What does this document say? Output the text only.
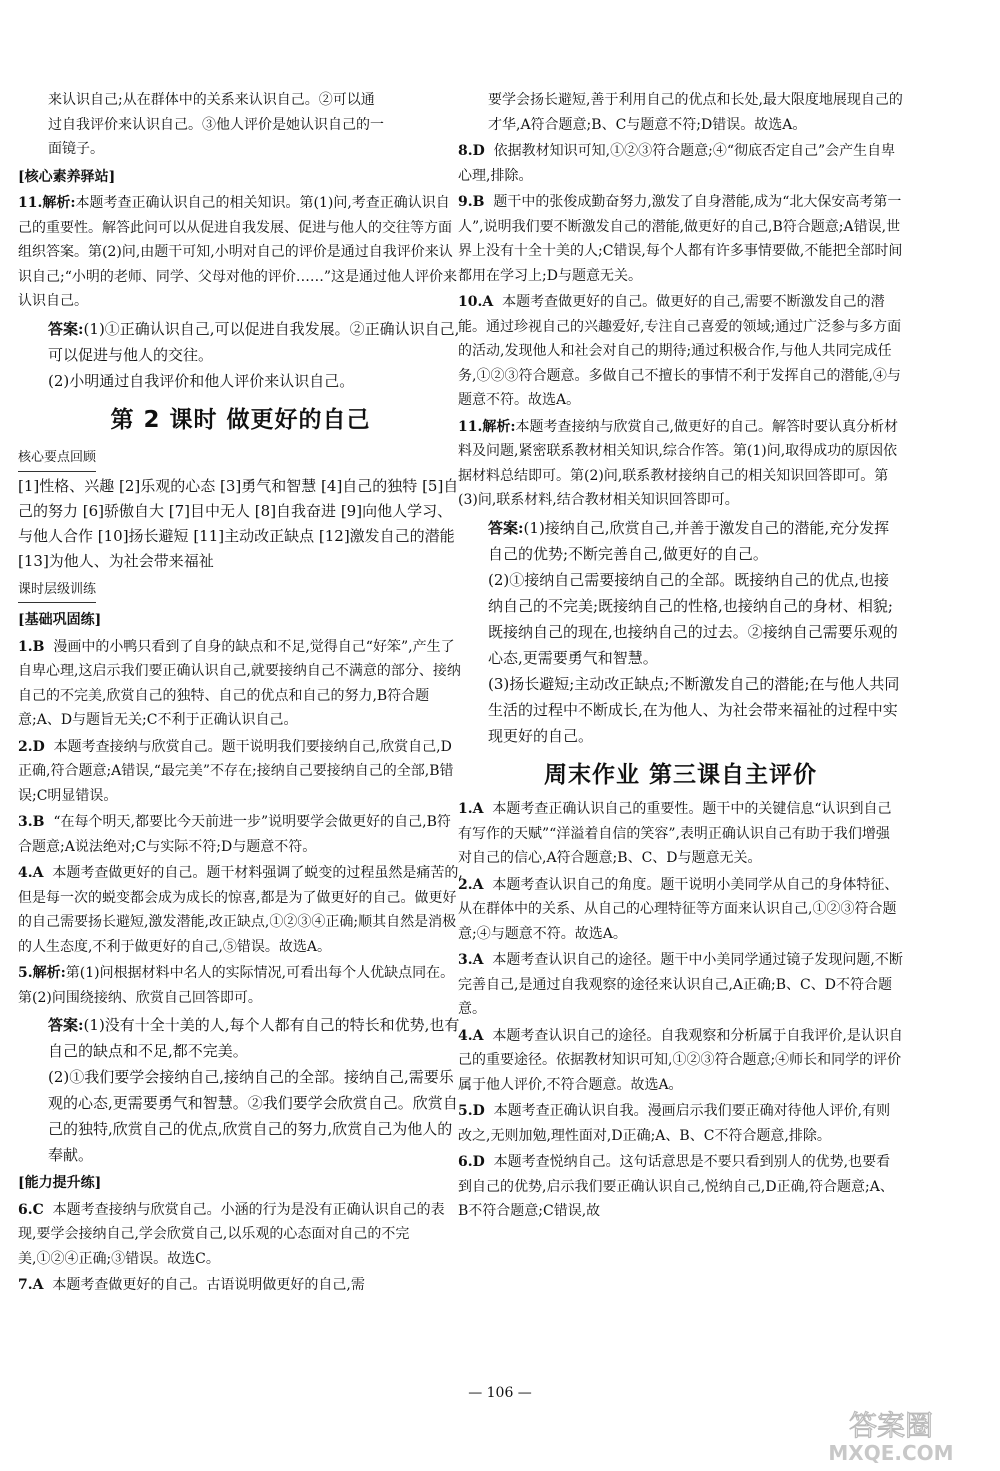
来认识自己;从在群体中的关系来认识自己。②可以通
过自我评价来认识自己。③他人评价是她认识自己的一
面镜子。
[核心素养驿站]
11.解析:本题考查正确认识自己的相关知识。第(1)问,考查正确认识自己的重要性。解答此问可以从促进自我发展、促进与他人的交往等方面组织答案。第(2)问,由题干可知,小明对自己的评价是通过自我评价来认识自己;“小明的老师、同学、父母对他的评价……”这是通过他人评价来认识自己。
答案:(1)①正确认识自己,可以促进自我发展。②正确认识自己,可以促进与他人的交往。
(2)小明通过自我评价和他人评价来认识自己。
第 2 课时 做更好的自己
核心要点回顾
[1]性格、兴趣 [2]乐观的心态 [3]勇气和智慧 [4]自己的独特 [5]自己的努力 [6]骄傲自大 [7]目中无人 [8]自我奋进 [9]向他人学习、与他人合作 [10]扬长避短 [11]主动改正缺点 [12]激发自己的潜能 [13]为他人、为社会带来福祉
课时层级训练
[基础巩固练]
1.B 漫画中的小鸭只看到了自身的缺点和不足,觉得自己“好笨”,产生了自卑心理,这启示我们要正确认识自己,就要接纳自己不满意的部分、接纳自己的不完美,欣赏自己的独特、自己的优点和自己的努力,B符合题意;A、D与题旨无关;C不利于正确认识自己。
2.D 本题考查接纳与欣赏自己。题干说明我们要接纳自己,欣赏自己,D正确,符合题意;A错误,“最完美”不存在;接纳自己要接纳自己的全部,B错误;C明显错误。
3.B “在每个明天,都要比今天前进一步”说明要学会做更好的自己,B符合题意;A说法绝对;C与实际不符;D与题意不符。
4.A 本题考查做更好的自己。题干材料强调了蜕变的过程虽然是痛苦的,但是每一次的蜕变都会成为成长的惊喜,都是为了做更好的自己。做更好的自己需要扬长避短,激发潜能,改正缺点,①②③④正确;顺其自然是消极的人生态度,不利于做更好的自己,⑤错误。故选A。
5.解析:第(1)问根据材料中名人的实际情况,可看出每个人优缺点同在。第(2)问围绕接纳、欣赏自己回答即可。
答案:(1)没有十全十美的人,每个人都有自己的特长和优势,也有自己的缺点和不足,都不完美。
(2)①我们要学会接纳自己,接纳自己的全部。接纳自己,需要乐观的心态,更需要勇气和智慧。②我们要学会欣赏自己。欣赏自己的独特,欣赏自己的优点,欣赏自己的努力,欣赏自己为他人的奉献。
[能力提升练]
6.C 本题考查接纳与欣赏自己。小涵的行为是没有正确认识自己的表现,要学会接纳自己,学会欣赏自己,以乐观的心态面对自己的不完美,①②④正确;③错误。故选C。
7.A 本题考查做更好的自己。古语说明做更好的自己,需
要学会扬长避短,善于利用自己的优点和长处,最大限度地展现自己的才华,A符合题意;B、C与题意不符;D错误。故选A。
8.D 依据教材知识可知,①②③符合题意;④“彻底否定自己”会产生自卑心理,排除。
9.B 题干中的张俊成勤奋努力,激发了自身潜能,成为“北大保安高考第一人”,说明我们要不断激发自己的潜能,做更好的自己,B符合题意;A错误,世界上没有十全十美的人;C错误,每个人都有许多事情要做,不能把全部时间都用在学习上;D与题意无关。
10.A 本题考查做更好的自己。做更好的自己,需要不断激发自己的潜能。通过珍视自己的兴趣爱好,专注自己喜爱的领域;通过广泛参与多方面的活动,发现他人和社会对自己的期待;通过积极合作,与他人共同完成任务,①②③符合题意。多做自己不擅长的事情不利于发挥自己的潜能,④与题意不符。故选A。
11.解析:本题考查接纳与欣赏自己,做更好的自己。解答时要认真分析材料及问题,紧密联系教材相关知识,综合作答。第(1)问,取得成功的原因依据材料总结即可。第(2)问,联系教材接纳自己的相关知识回答即可。第(3)问,联系材料,结合教材相关知识回答即可。
答案:(1)接纳自己,欣赏自己,并善于激发自己的潜能,充分发挥自己的优势;不断完善自己,做更好的自己。
(2)①接纳自己需要接纳自己的全部。既接纳自己的优点,也接纳自己的不完美;既接纳自己的性格,也接纳自己的身材、相貌;既接纳自己的现在,也接纳自己的过去。②接纳自己需要乐观的心态,更需要勇气和智慧。
(3)扬长避短;主动改正缺点;不断激发自己的潜能;在与他人共同生活的过程中不断成长,在为他人、为社会带来福祉的过程中实现更好的自己。
周末作业 第三课自主评价
1.A 本题考查正确认识自己的重要性。题干中的关键信息“认识到自己有写作的天赋”“洋溢着自信的笑容”,表明正确认识自己有助于我们增强对自己的信心,A符合题意;B、C、D与题意无关。
2.A 本题考查认识自己的角度。题干说明小美同学从自己的身体特征、从在群体中的关系、从自己的心理特征等方面来认识自己,①②③符合题意;④与题意不符。故选A。
3.A 本题考查认识自己的途径。题干中小美同学通过镜子发现问题,不断完善自己,是通过自我观察的途径来认识自己,A正确;B、C、D不符合题意。
4.A 本题考查认识自己的途径。自我观察和分析属于自我评价,是认识自己的重要途径。依据教材知识可知,①②③符合题意;④师长和同学的评价属于他人评价,不符合题意。故选A。
5.D 本题考查正确认识自我。漫画启示我们要正确对待他人评价,有则改之,无则加勉,理性面对,D正确;A、B、C不符合题意,排除。
6.D 本题考查悦纳自己。这句话意思是不要只看到别人的优势,也要看到自己的优势,启示我们要正确认识自己,悦纳自己,D正确,符合题意;A、B不符合题意;C错误,故
— 106 —
答案圈
MXQE.COM
